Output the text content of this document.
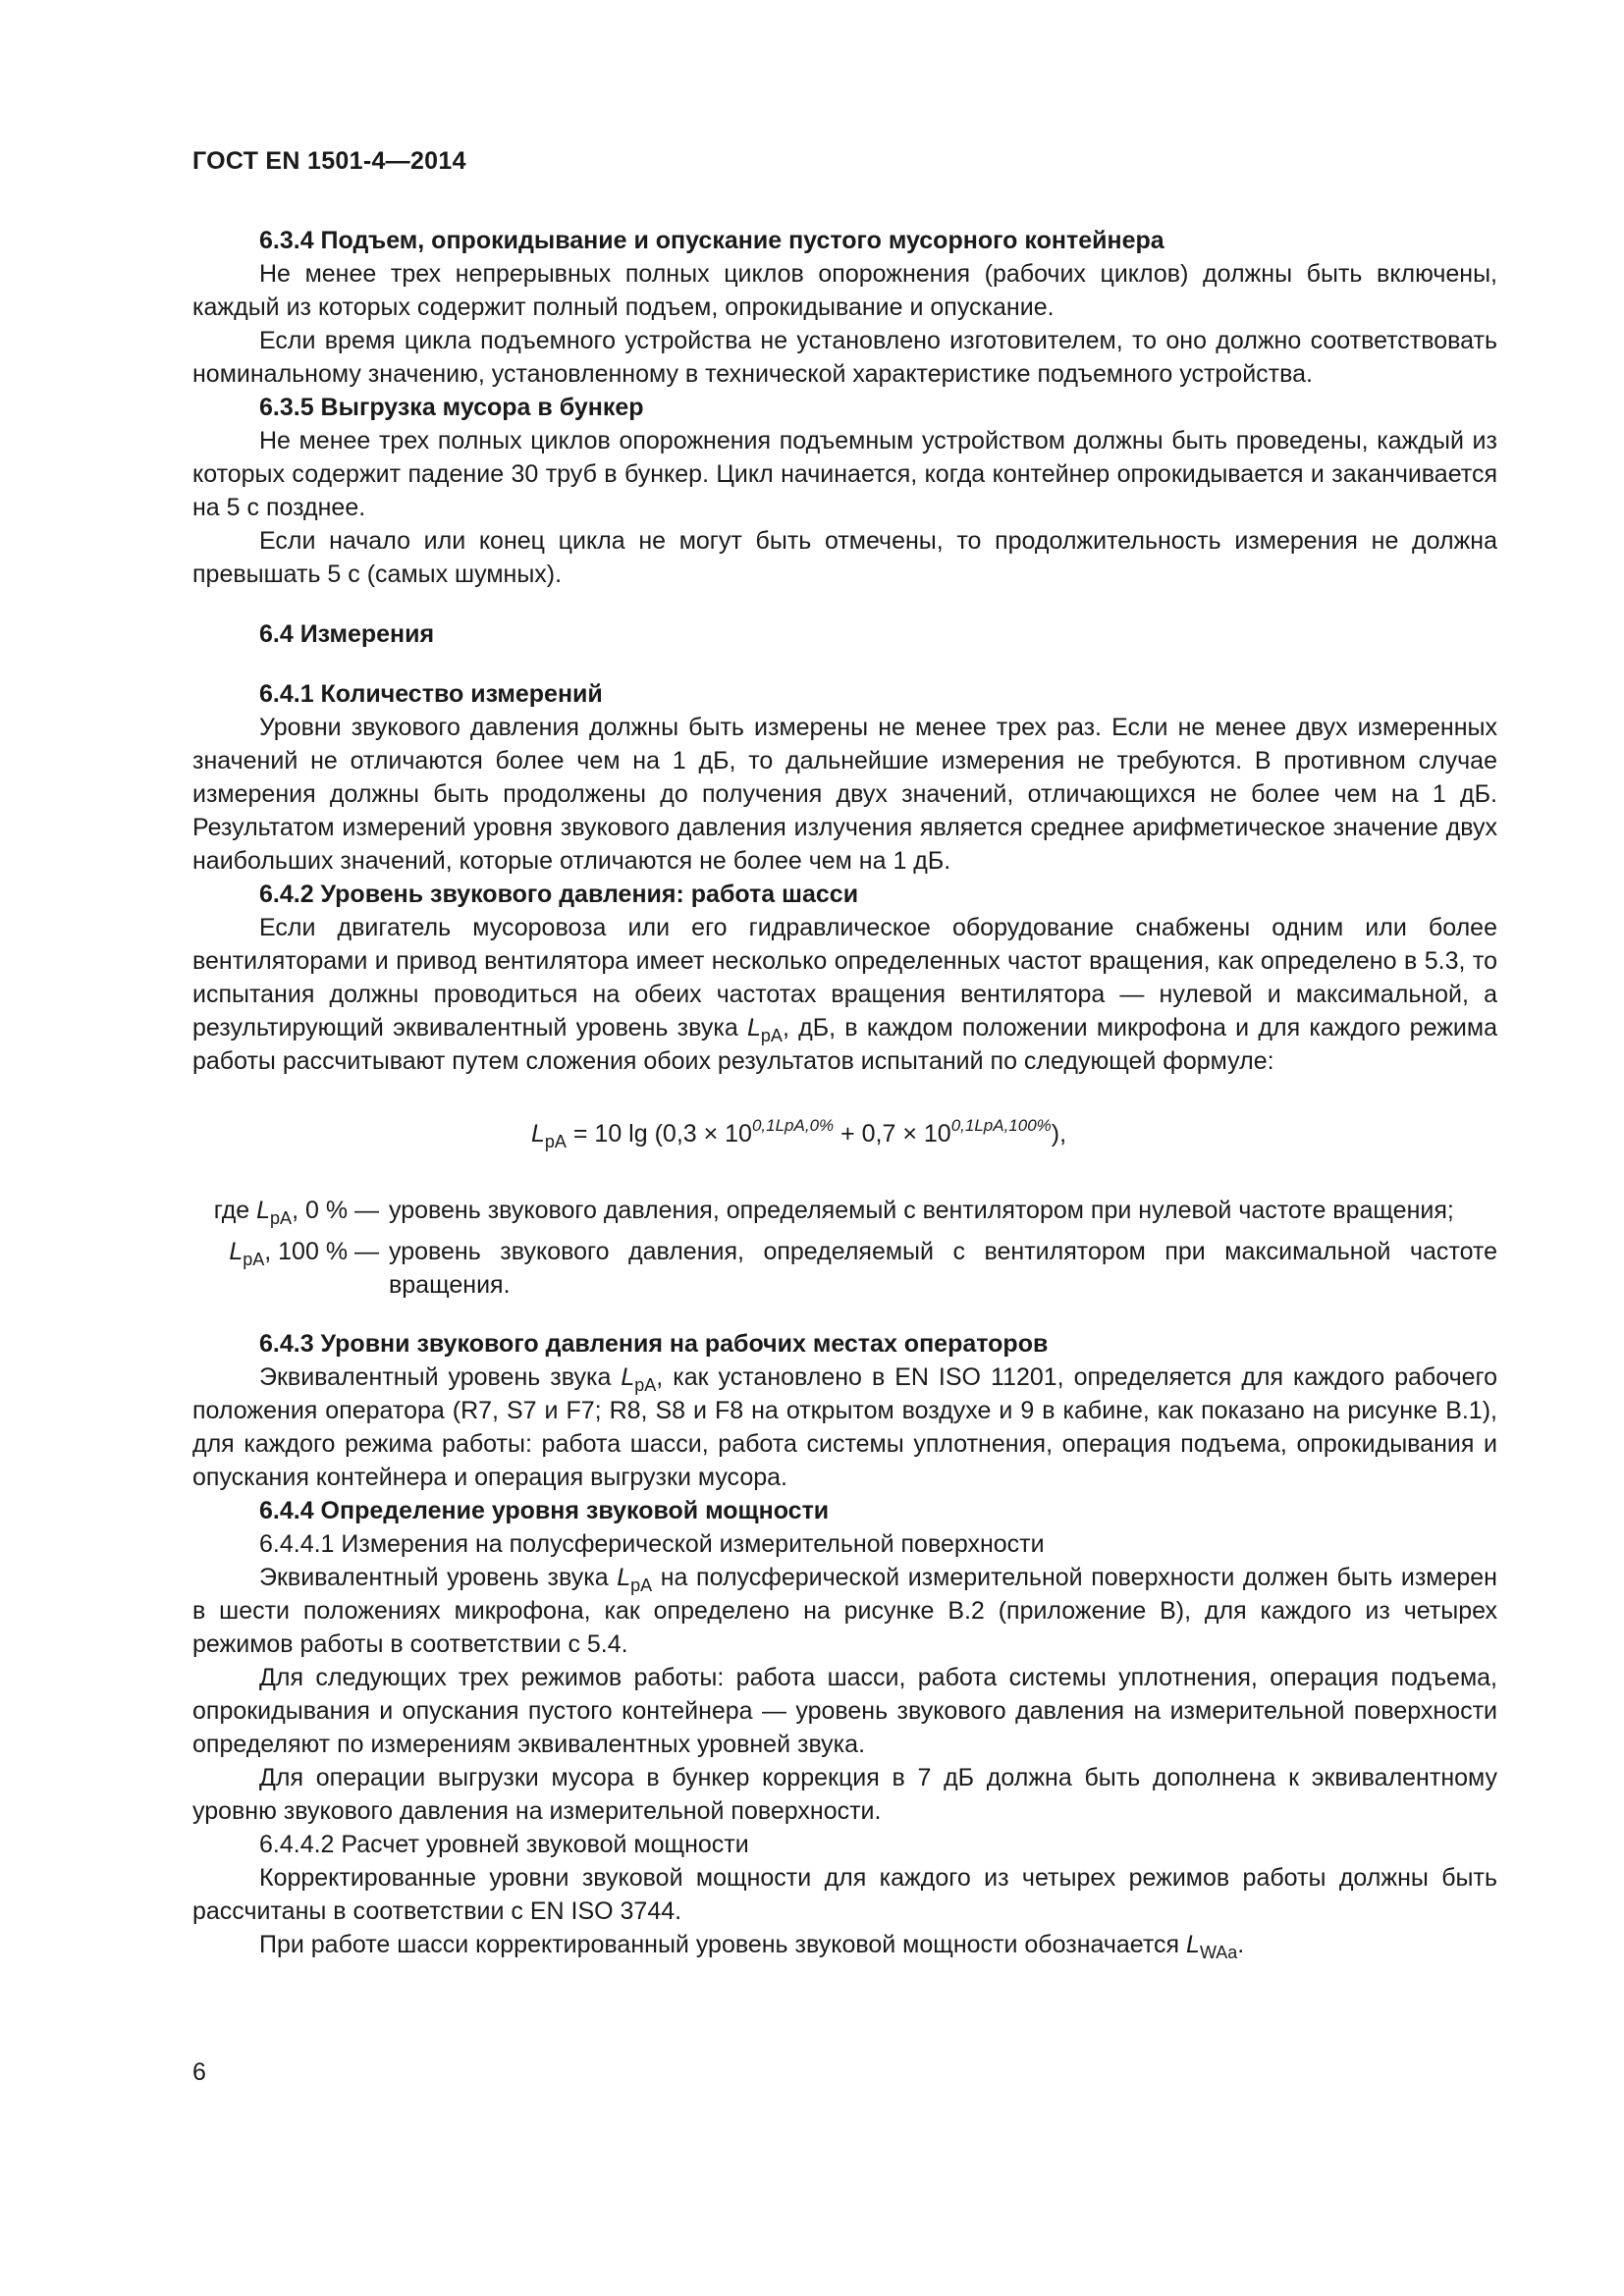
ГОСТ EN 1501-4—2014
6.3.4 Подъем, опрокидывание и опускание пустого мусорного контейнера

Не менее трех непрерывных полных циклов опорожнения (рабочих циклов) должны быть включены, каждый из которых содержит полный подъем, опрокидывание и опускание.

Если время цикла подъемного устройства не установлено изготовителем, то оно должно соответствовать номинальному значению, установленному в технической характеристике подъемного устройства.

6.3.5 Выгрузка мусора в бункер

Не менее трех полных циклов опорожнения подъемным устройством должны быть проведены, каждый из которых содержит падение 30 труб в бункер. Цикл начинается, когда контейнер опрокидывается и заканчивается на 5 с позднее.

Если начало или конец цикла не могут быть отмечены, то продолжительность измерения не должна превышать 5 с (самых шумных).

6.4 Измерения
6.4.1 Количество измерений

Уровни звукового давления должны быть измерены не менее трех раз. Если не менее двух измеренных значений не отличаются более чем на 1 дБ, то дальнейшие измерения не требуются. В противном случае измерения должны быть продолжены до получения двух значений, отличающихся не более чем на 1 дБ. Результатом измерений уровня звукового давления излучения является среднее арифметическое значение двух наибольших значений, которые отличаются не более чем на 1 дБ.

6.4.2 Уровень звукового давления: работа шасси

Если двигатель мусоровоза или его гидравлическое оборудование снабжены одним или более вентиляторами и привод вентилятора имеет несколько определенных частот вращения, как определено в 5.3, то испытания должны проводиться на обеих частотах вращения вентилятора — нулевой и максимальной, а результирующий эквивалентный уровень звука $L_{pA}$, дБ, в каждом положении микрофона и для каждого режима работы рассчитывают путем сложения обоих результатов испытаний по следующей формуле:

$L_{pA} = 10$ $\lg (0,3 \times 10^{0,1LpA,0\%} + 0,7 \times 10^{0,1LpA,100\%})$,
где $L_{pA}$, 0 % — уровень звукового давления, определяемый с вентилятором при нулевой частоте вращения;
$L_{pA}$, 100 % — уровень звукового давления, определяемый с вентилятором при максимальной частоте вращения.
6.4.3 Уровни звукового давления на рабочих местах операторов

Эквивалентный уровень звука $L_{pA}$, как установлено в EN ISO 11201, определяется для каждого рабочего положения оператора (R7, S7 и F7; R8, S8 и F8 на открытом воздухе и 9 в кабине, как показано на рисунке B.1), для каждого режима работы: работа шасси, работа системы уплотнения, операция подъема, опрокидывания и опускания контейнера и операция выгрузки мусора.

6.4.4 Определение уровня звуковой мощности

6.4.4.1 Измерения на полусферической измерительной поверхности

Эквивалентный уровень звука $L_{pA}$ на полусферической измерительной поверхности должен быть измерен в шести положениях микрофона, как определено на рисунке B.2 (приложение В), для каждого из четырех режимов работы в соответствии с 5.4.

Для следующих трех режимов работы: работа шасси, работа системы уплотнения, операция подъема, опрокидывания и опускания пустого контейнера — уровень звукового давления на измерительной поверхности определяют по измерениям эквивалентных уровней звука.

Для операции выгрузки мусора в бункер коррекция в 7 дБ должна быть дополнена к эквивалентному уровню звукового давления на измерительной поверхности.

6.4.4.2 Расчет уровней звуковой мощности

Корректированные уровни звуковой мощности для каждого из четырех режимов работы должны быть рассчитаны в соответствии с EN ISO 3744.

При работе шасси корректированный уровень звуковой мощности обозначается $L_{WAa}$.

6
